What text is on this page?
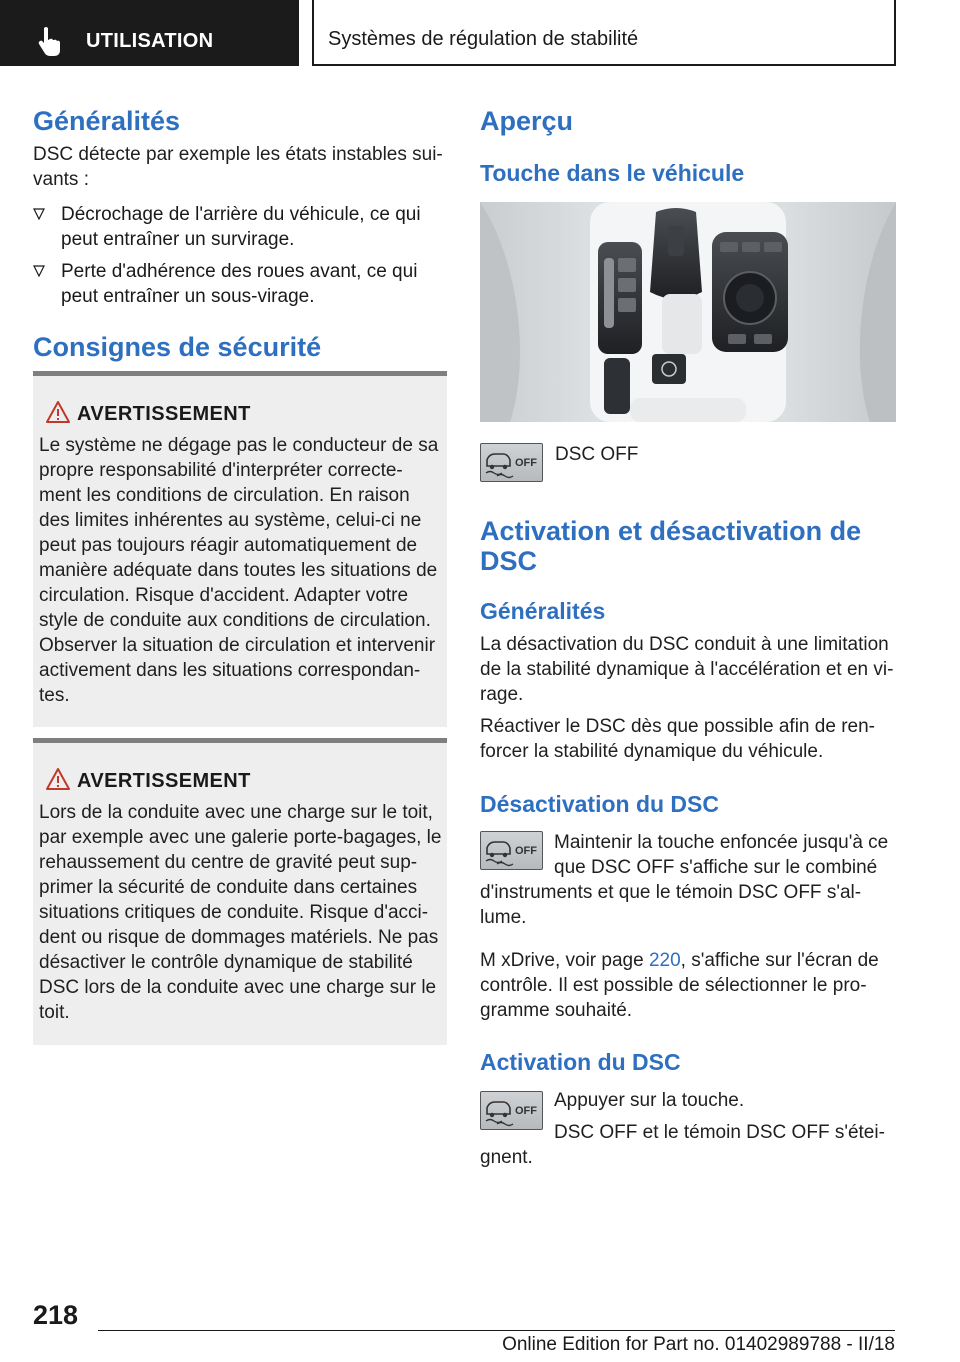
UTILISATION	Systèmes de régulation de stabilité
Généralités

DSC détecte par exemple les états instables sui-

vants :

Décrochage de l'arrière du véhicule, ce qui
peut entraîner un survirage.
Perte d'adhérence des roues avant, ce qui
peut entraîner un sous-virage.
Consignes de sécurité
AVERTISSEMENT
Le système ne dégage pas le conducteur de sa
propre responsabilité d'interpréter correcte-
ment les conditions de circulation. En raison
des limites inhérentes au système, celui-ci ne
peut pas toujours réagir automatiquement de
manière adéquate dans toutes les situations de
circulation. Risque d'accident. Adapter votre
style de conduite aux conditions de circulation.
Observer la situation de circulation et intervenir
activement dans les situations correspondan-
tes.
AVERTISSEMENT
Lors de la conduite avec une charge sur le toit,
par exemple avec une galerie porte-bagages, le
rehaussement du centre de gravité peut sup-
primer la sécurité de conduite dans certaines
situations critiques de conduite. Risque d'acci-
dent ou risque de dommages matériels. Ne pas
désactiver le contrôle dynamique de stabilité
DSC lors de la conduite avec une charge sur le
toit.
Aperçu
Touche dans le véhicule
OFF DSC OFF

Activation et désactivation de
DSC
Généralités

La désactivation du DSC conduit à une limitation

de la stabilité dynamique à l'accélération et en vi-

rage.

Réactiver le DSC dès que possible afin de ren-

forcer la stabilité dynamique du véhicule.

Désactivation du DSC
OFF Maintenir la touche enfoncée jusqu'à ce

que DSC OFF s'affiche sur le combiné

d'instruments et que le témoin DSC OFF s'al-

lume.

M xDrive, voir page 220, s'affiche sur l'écran de

contrôle. Il est possible de sélectionner le pro-

gramme souhaité.

Activation du DSC
OFF Appuyer sur la touche.

DSC OFF et le témoin DSC OFF s'étei-

gnent.

218
Online Edition for Part no. 01402989788 - II/18
